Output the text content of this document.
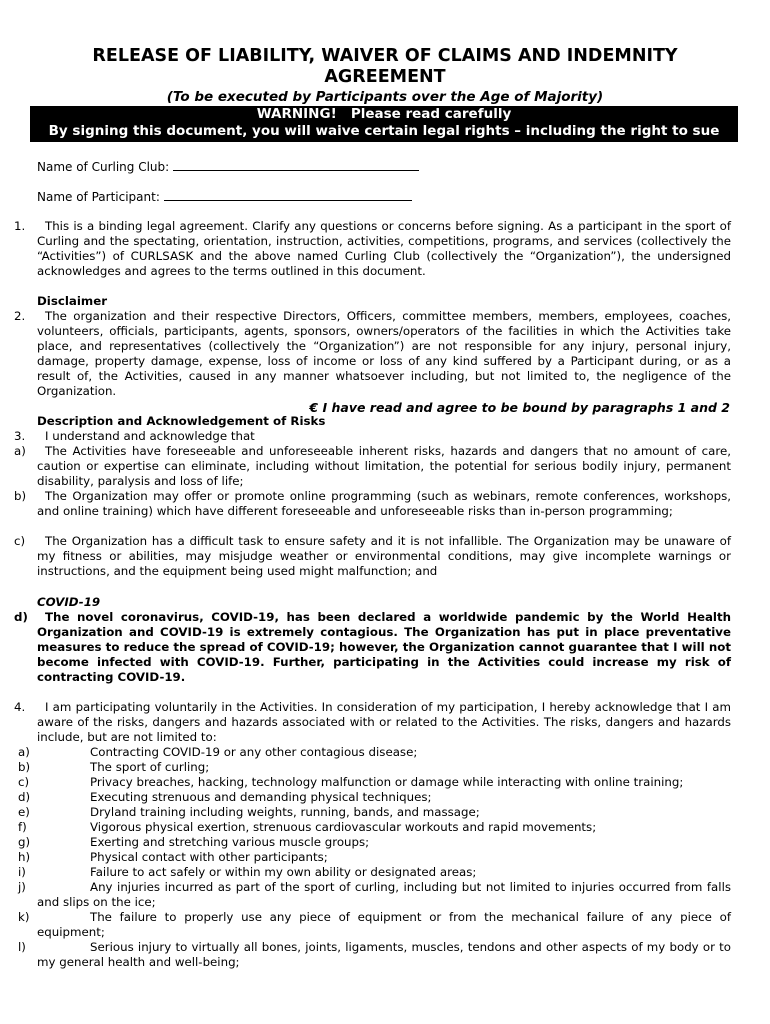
RELEASE OF LIABILITY, WAIVER OF CLAIMS AND INDEMNITY AGREEMENT
(To be executed by Participants over the Age of Majority)
WARNING!   Please read carefully
By signing this document, you will waive certain legal rights – including the right to sue
Name of Curling Club:
Name of Participant:
1.	This is a binding legal agreement. Clarify any questions or concerns before signing. As a participant in the sport of Curling and the spectating, orientation, instruction, activities, competitions, programs, and services (collectively the “Activities”) of CURLSASK and the above named Curling Club (collectively the “Organization”), the undersigned acknowledges and agrees to the terms outlined in this document.
Disclaimer
2.	The organization and their respective Directors, Officers, committee members, members, employees, coaches, volunteers, officials, participants, agents, sponsors, owners/operators of the facilities in which the Activities take place, and representatives (collectively the “Organization”) are not responsible for any injury, personal injury, damage, property damage, expense, loss of income or loss of any kind suffered by a Participant during, or as a result of, the Activities, caused in any manner whatsoever including, but not limited to, the negligence of the Organization.
€ I have read and agree to be bound by paragraphs 1 and 2
Description and Acknowledgement of Risks
3.	I understand and acknowledge that
a)	The Activities have foreseeable and unforeseeable inherent risks, hazards and dangers that no amount of care, caution or expertise can eliminate, including without limitation, the potential for serious bodily injury, permanent disability, paralysis and loss of life;
b)	The Organization may offer or promote online programming (such as webinars, remote conferences, workshops, and online training) which have different foreseeable and unforeseeable risks than in-person programming;
c)	The Organization has a difficult task to ensure safety and it is not infallible. The Organization may be unaware of my fitness or abilities, may misjudge weather or environmental conditions, may give incomplete warnings or instructions, and the equipment being used might malfunction; and
COVID-19
d)	The novel coronavirus, COVID-19, has been declared a worldwide pandemic by the World Health Organization and COVID-19 is extremely contagious. The Organization has put in place preventative measures to reduce the spread of COVID-19; however, the Organization cannot guarantee that I will not become infected with COVID-19. Further, participating in the Activities could increase my risk of contracting COVID-19.
4.	I am participating voluntarily in the Activities. In consideration of my participation, I hereby acknowledge that I am aware of the risks, dangers and hazards associated with or related to the Activities. The risks, dangers and hazards include, but are not limited to:
a)	Contracting COVID-19 or any other contagious disease;
b)	The sport of curling;
c)	Privacy breaches, hacking, technology malfunction or damage while interacting with online training;
d)	Executing strenuous and demanding physical techniques;
e)	Dryland training including weights, running, bands, and massage;
f)	Vigorous physical exertion, strenuous cardiovascular workouts and rapid movements;
g)	Exerting and stretching various muscle groups;
h)	Physical contact with other participants;
i)	Failure to act safely or within my own ability or designated areas;
j)	Any injuries incurred as part of the sport of curling, including but not limited to injuries occurred from falls and slips on the ice;
k)	The failure to properly use any piece of equipment or from the mechanical failure of any piece of equipment;
l)	Serious injury to virtually all bones, joints, ligaments, muscles, tendons and other aspects of my body or to my general health and well-being;
